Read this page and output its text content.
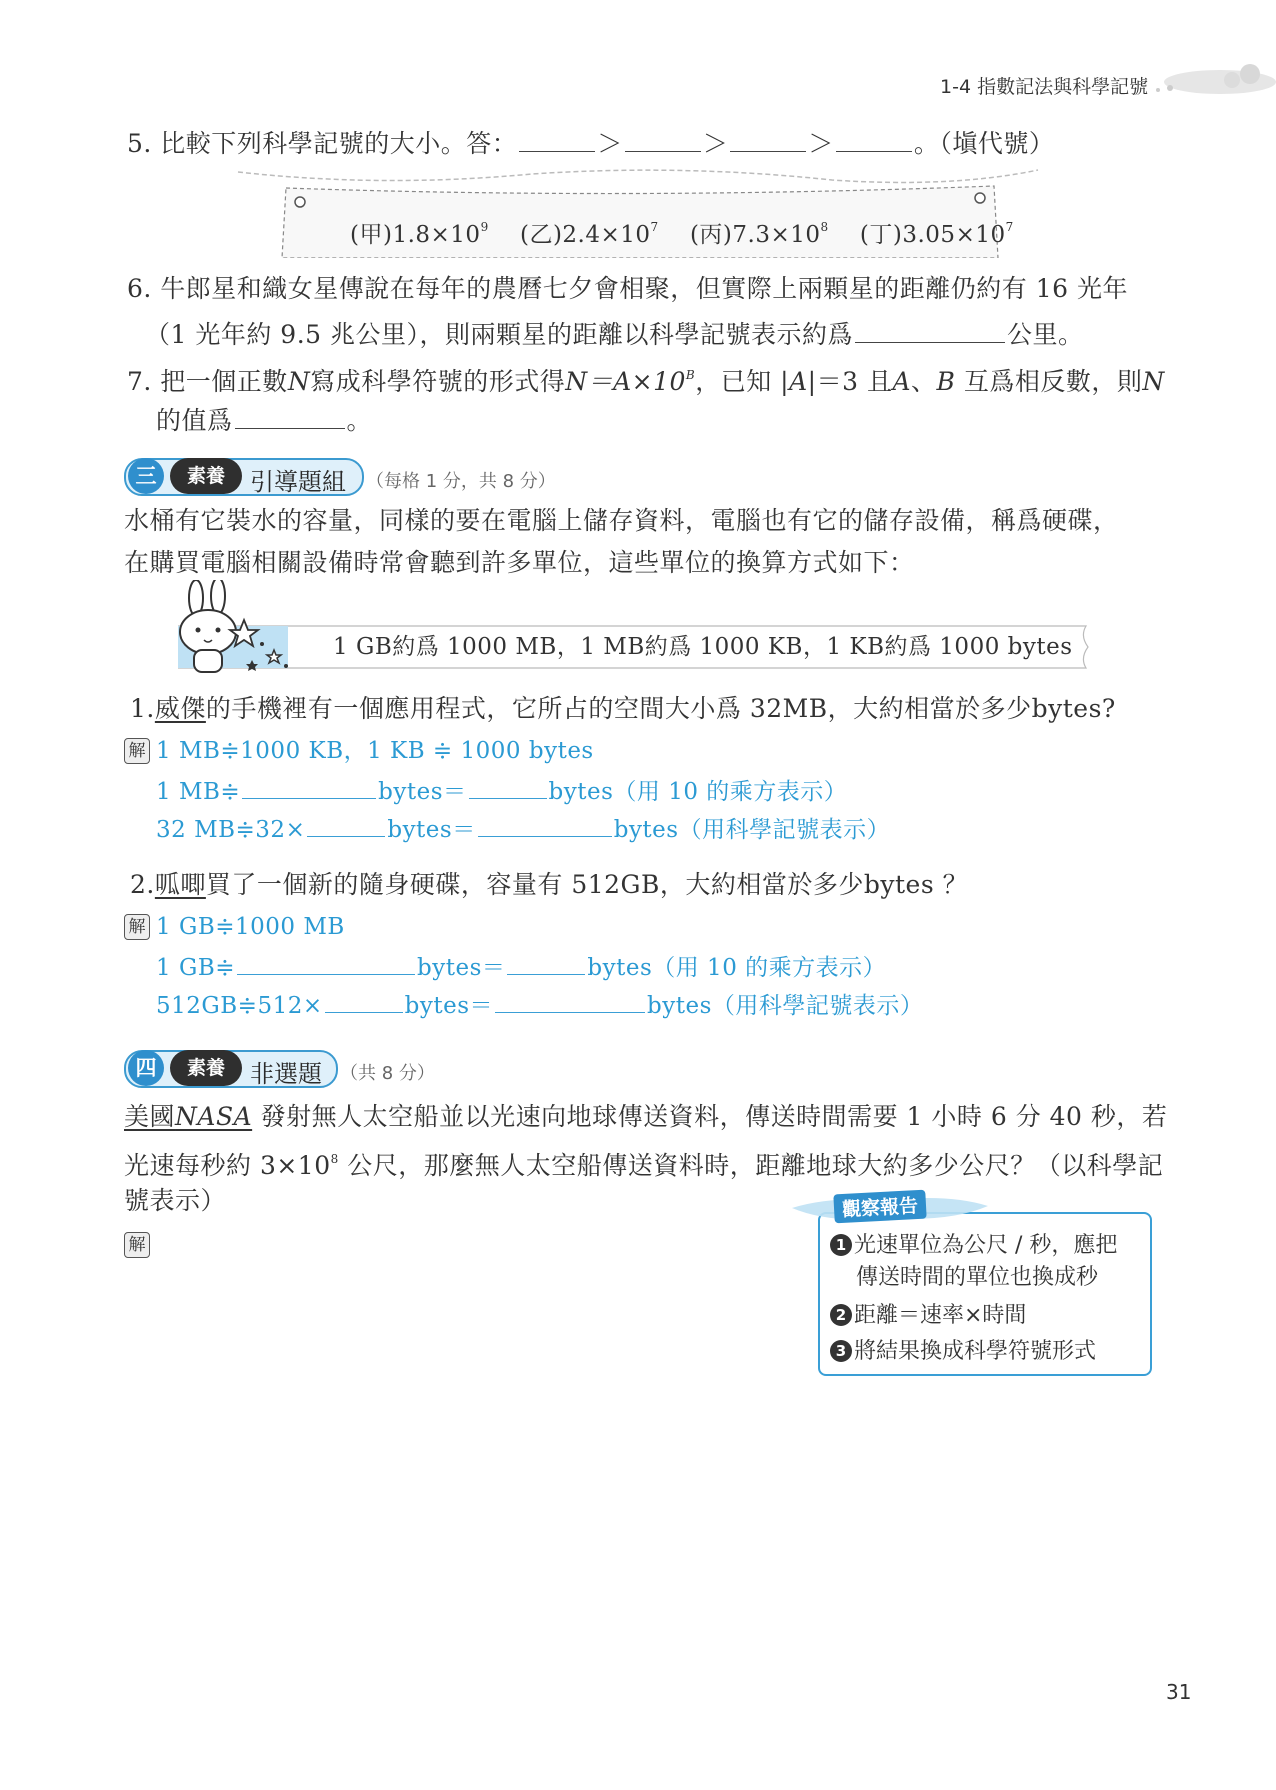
1-4 指數記法與科學記號
5. 比較下列科學記號的大小。答：	＞	＞	＞	。（塡代號）
(甲)$1.8\times 10^9$ (乙)$2.4\times 10^7$ (丙)$7.3\times 10^8$ (丁)$3.05\times 10^7$
6. 牛郎星和織女星傳說在每年的農曆七夕會相聚，但實際上兩顆星的距離仍約有 16 光年
（1 光年約 9.5 兆公里），則兩顆星的距離以科學記號表示約爲	公里。
7. 把一個正數N寫成科學符號的形式得$N=A\times 10^B$，已知 |A|＝3 且A、B 互爲相反數，則N
的值爲	。
三	素養	引導題組 （每格 1 分，共 8 分）
水桶有它裝水的容量，同樣的要在電腦上儲存資料，電腦也有它的儲存設備，稱爲硬碟，
在購買電腦相關設備時常會聽到許多單位，這些單位的換算方式如下：
1 GB約爲 1000 MB，1 MB約爲 1000 KB，1 KB約爲 1000 bytes
1.威傑的手機裡有一個應用程式，它所占的空間大小爲 32MB，大約相當於多少bytes?
解 1 MB≑1000 KB，1 KB ≑ 1000 bytes
1 MB≑	bytes＝	bytes（用 10 的乘方表示）
32 MB≑32×	bytes＝	bytes（用科學記號表示）
2.呱唧買了一個新的隨身硬碟，容量有 512GB，大約相當於多少bytes ？
解 1 GB≑1000 MB
1 GB≑	bytes＝	bytes（用 10 的乘方表示）
512GB≑512×	bytes＝	bytes（用科學記號表示）
四	素養	非選題 （共 8 分）
美國NASA 發射無人太空船並以光速向地球傳送資料，傳送時間需要 1 小時 6 分 40 秒，若
光速每秒約 $3\times 10^8$ 公尺，那麼無人太空船傳送資料時，距離地球大約多少公尺？（以科學記
號表示）
解
觀察報告
1 光速單位為公尺 / 秒，應把
傳送時間的單位也換成秒
2 距離＝速率×時間
3 將結果換成科學符號形式
31
